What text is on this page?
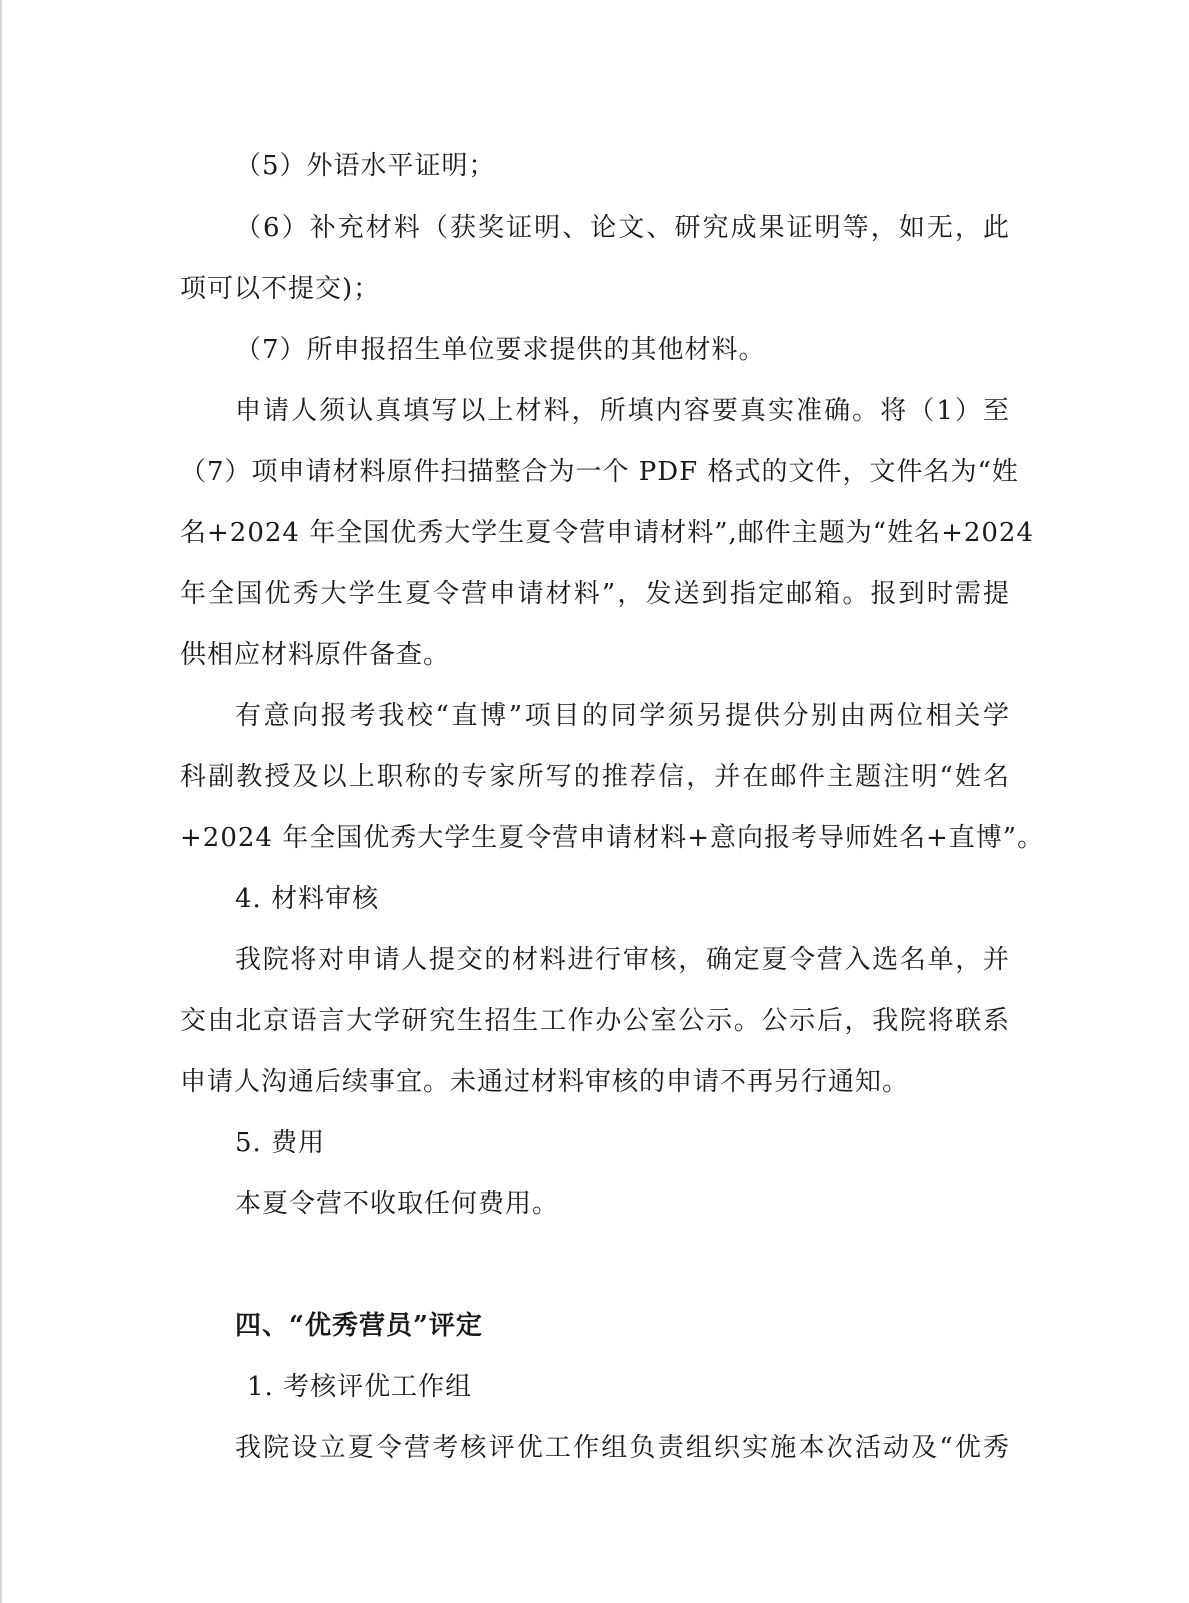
（5）外语水平证明；
（6）补充材料（获奖证明、论文、研究成果证明等，如无，此
项可以不提交)；
（7）所申报招生单位要求提供的其他材料。
申请人须认真填写以上材料，所填内容要真实准确。将（1）至
（7）项申请材料原件扫描整合为一个 PDF 格式的文件，文件名为“姓
名+2024 年全国优秀大学生夏令营申请材料”,邮件主题为“姓名+2024
年全国优秀大学生夏令营申请材料”，发送到指定邮箱。报到时需提
供相应材料原件备查。
有意向报考我校“直博”项目的同学须另提供分别由两位相关学
科副教授及以上职称的专家所写的推荐信，并在邮件主题注明“姓名
+2024 年全国优秀大学生夏令营申请材料+意向报考导师姓名+直博”。
4. 材料审核
我院将对申请人提交的材料进行审核，确定夏令营入选名单，并
交由北京语言大学研究生招生工作办公室公示。公示后，我院将联系
申请人沟通后续事宜。未通过材料审核的申请不再另行通知。
5. 费用
本夏令营不收取任何费用。
四、“优秀营员”评定
1. 考核评优工作组
我院设立夏令营考核评优工作组负责组织实施本次活动及“优秀
